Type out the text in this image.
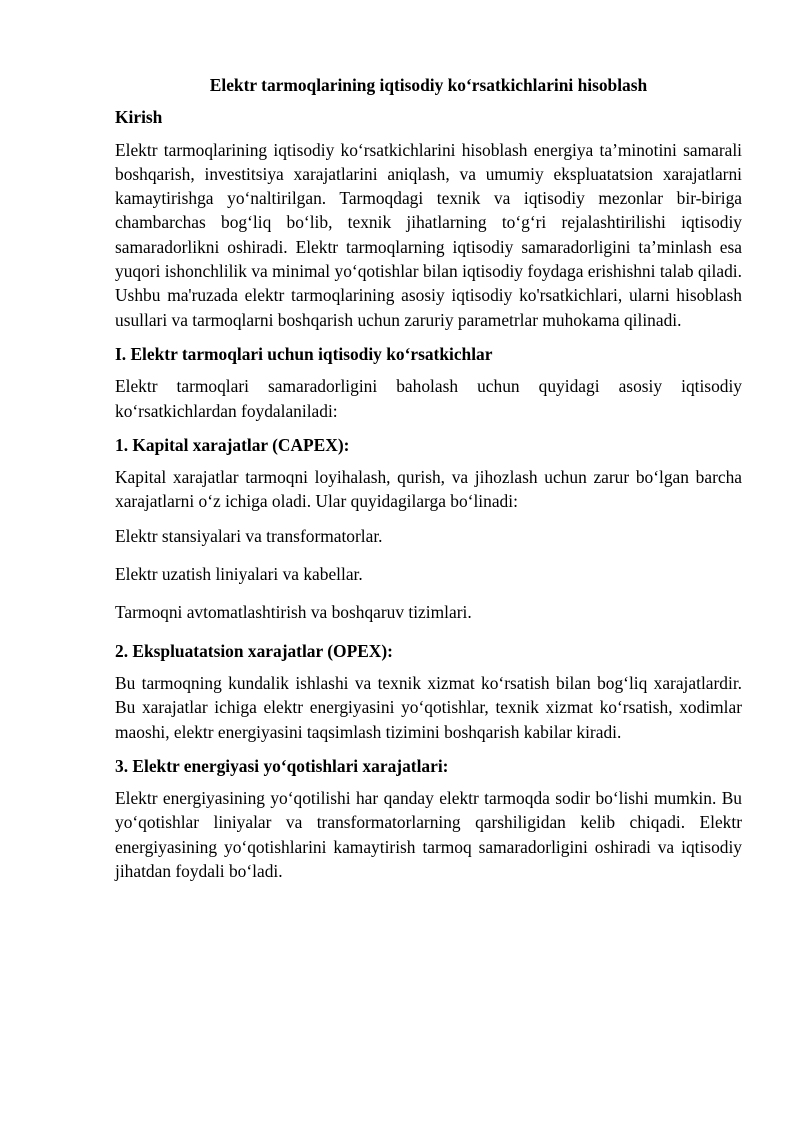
Elektr tarmoqlarining iqtisodiy ko‘rsatkichlarini hisoblash
Kirish
Elektr tarmoqlarining iqtisodiy ko‘rsatkichlarini hisoblash energiya ta’minotini samarali boshqarish, investitsiya xarajatlarini aniqlash, va umumiy ekspluatatsion xarajatlarni kamaytirishga yo‘naltirilgan. Tarmoqdagi texnik va iqtisodiy mezonlar bir-biriga chambarchas bog‘liq bo‘lib, texnik jihatlarning to‘g‘ri rejalashtirilishi iqtisodiy samaradorlikni oshiradi. Elektr tarmoqlarning iqtisodiy samaradorligini ta’minlash esa yuqori ishonchlilik va minimal yo‘qotishlar bilan iqtisodiy foydaga erishishni talab qiladi. Ushbu ma'ruzada elektr tarmoqlarining asosiy iqtisodiy ko'rsatkichlari, ularni hisoblash usullari va tarmoqlarni boshqarish uchun zaruriy parametrlar muhokama qilinadi.
I. Elektr tarmoqlari uchun iqtisodiy ko‘rsatkichlar
Elektr tarmoqlari samaradorligini baholash uchun quyidagi asosiy iqtisodiy ko‘rsatkichlardan foydalaniladi:
1. Kapital xarajatlar (CAPEX):
Kapital xarajatlar tarmoqni loyihalash, qurish, va jihozlash uchun zarur bo‘lgan barcha xarajatlarni o‘z ichiga oladi. Ular quyidagilarga bo‘linadi:
Elektr stansiyalari va transformatorlar.
Elektr uzatish liniyalari va kabellar.
Tarmoqni avtomatlashtirish va boshqaruv tizimlari.
2. Ekspluatatsion xarajatlar (OPEX):
Bu tarmoqning kundalik ishlashi va texnik xizmat ko‘rsatish bilan bog‘liq xarajatlardir. Bu xarajatlar ichiga elektr energiyasini yo‘qotishlar, texnik xizmat ko‘rsatish, xodimlar maoshi, elektr energiyasini taqsimlash tizimini boshqarish kabilar kiradi.
3. Elektr energiyasi yo‘qotishlari xarajatlari:
Elektr energiyasining yo‘qotilishi har qanday elektr tarmoqda sodir bo‘lishi mumkin. Bu yo‘qotishlar liniyalar va transformatorlarning qarshiligidan kelib chiqadi. Elektr energiyasining yo‘qotishlarini kamaytirish tarmoq samaradorligini oshiradi va iqtisodiy jihatdan foydali bo‘ladi.
